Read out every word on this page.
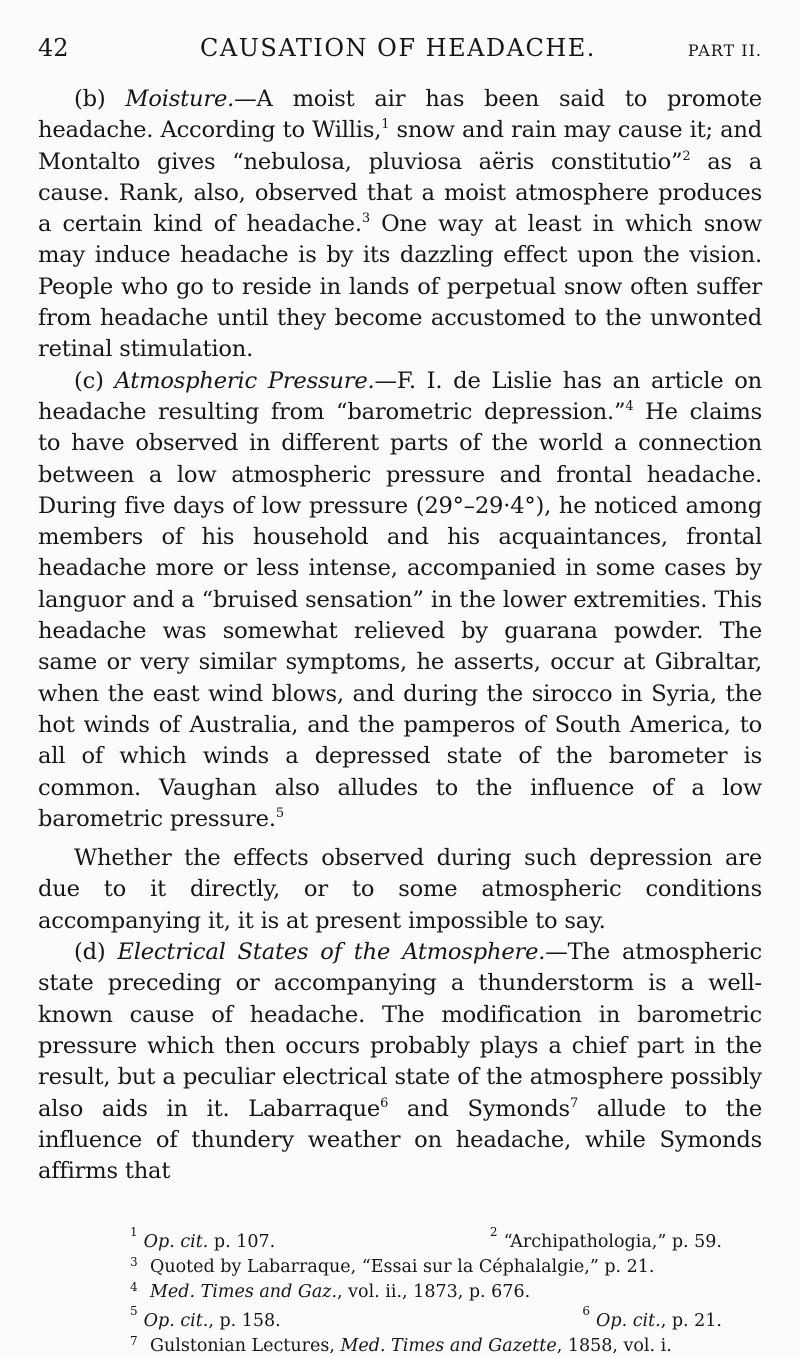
42	CAUSATION OF HEADACHE.	PART II.

(b) Moisture.—A moist air has been said to promote headache. According to Willis,$^1$ snow and rain may cause it; and Montalto gives “nebulosa, pluviosa aëris constitutio”$^2$ as a cause. Rank, also, observed that a moist atmosphere produces a certain kind of headache.$^3$ One way at least in which snow may induce headache is by its dazzling effect upon the vision. People who go to reside in lands of perpetual snow often suffer from headache until they become accustomed to the unwonted retinal stimulation.

(c) Atmospheric Pressure.—F. I. de Lislie has an article on headache resulting from “barometric depression.”$^4$ He claims to have observed in different parts of the world a connection between a low atmospheric pressure and frontal headache. During five days of low pressure (29°–29·4°), he noticed among members of his household and his acquaintances, frontal headache more or less intense, accompanied in some cases by languor and a “bruised sensation” in the lower extremities. This headache was somewhat relieved by guarana powder. The same or very similar symptoms, he asserts, occur at Gibraltar, when the east wind blows, and during the sirocco in Syria, the hot winds of Australia, and the pamperos of South America, to all of which winds a depressed state of the barometer is common. Vaughan also alludes to the influence of a low barometric pressure.$^5$

Whether the effects observed during such depression are due to it directly, or to some atmospheric conditions accompanying it, it is at present impossible to say.

(d) Electrical States of the Atmosphere.—The atmospheric state preceding or accompanying a thunderstorm is a well-known cause of headache. The modification in barometric pressure which then occurs probably plays a chief part in the result, but a peculiar electrical state of the atmosphere possibly also aids in it. Labarraque$^6$ and Symonds$^7$ allude to the influence of thundery weather on headache, while Symonds affirms that

$^1$ Op. cit. p. 107.	$^2$ “Archipathologia,” p. 59.
3 Quoted by Labarraque, “Essai sur la Céphalalgie,” p. 21.
4 Med. Times and Gaz., vol. ii., 1873, p. 676.
$^5$ Op. cit., p. 158.	$^6$ Op. cit., p. 21.
7 Gulstonian Lectures, Med. Times and Gazette, 1858, vol. i.
